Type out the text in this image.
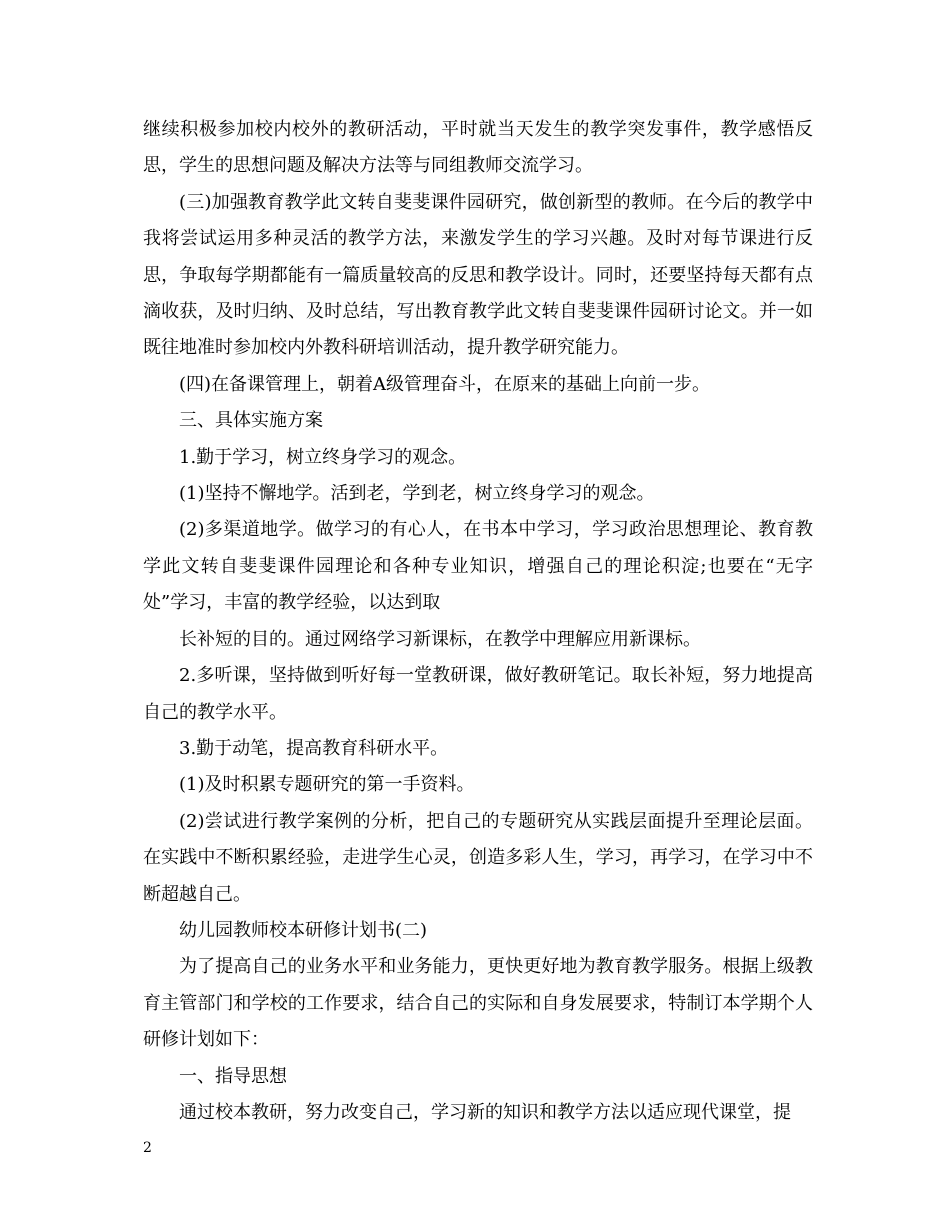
继续积极参加校内校外的教研活动，平时就当天发生的教学突发事件，教学感悟反思，学生的思想问题及解决方法等与同组教师交流学习。

(三)加强教育教学此文转自斐斐课件园研究，做创新型的教师。在今后的教学中我将尝试运用多种灵活的教学方法，来激发学生的学习兴趣。及时对每节课进行反思，争取每学期都能有一篇质量较高的反思和教学设计。同时，还要坚持每天都有点滴收获，及时归纳、及时总结，写出教育教学此文转自斐斐课件园研讨论文。并一如既往地准时参加校内外教科研培训活动，提升教学研究能力。

(四)在备课管理上，朝着A级管理奋斗，在原来的基础上向前一步。

三、具体实施方案

1.勤于学习，树立终身学习的观念。

(1)坚持不懈地学。活到老，学到老，树立终身学习的观念。

(2)多渠道地学。做学习的有心人，在书本中学习，学习政治思想理论、教育教学此文转自斐斐课件园理论和各种专业知识，增强自己的理论积淀;也要在“无字处”学习，丰富的教学经验，以达到取

长补短的目的。通过网络学习新课标，在教学中理解应用新课标。

2.多听课，坚持做到听好每一堂教研课，做好教研笔记。取长补短，努力地提高自己的教学水平。

3.勤于动笔，提高教育科研水平。

(1)及时积累专题研究的第一手资料。

(2)尝试进行教学案例的分析，把自己的专题研究从实践层面提升至理论层面。在实践中不断积累经验，走进学生心灵，创造多彩人生，学习，再学习，在学习中不断超越自己。

幼儿园教师校本研修计划书(二)

为了提高自己的业务水平和业务能力，更快更好地为教育教学服务。根据上级教育主管部门和学校的工作要求，结合自己的实际和自身发展要求，特制订本学期个人研修计划如下：

一、指导思想

通过校本教研，努力改变自己，学习新的知识和教学方法以适应现代课堂，提

2
